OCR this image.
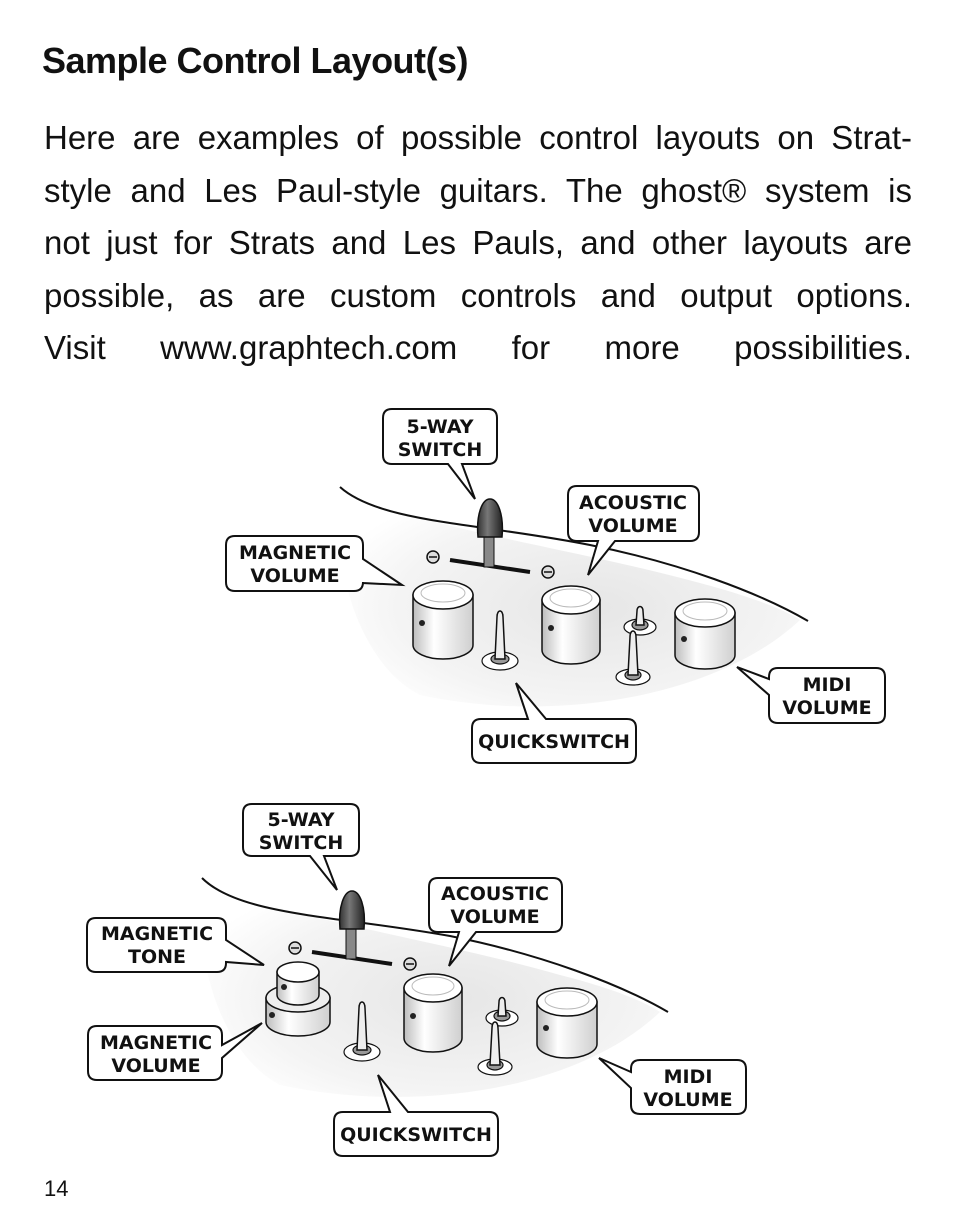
Sample Control Layout(s)

Here are examples of possible control layouts on Strat-
style and Les Paul-style guitars. The ghost® system is
not just for Strats and Les Pauls, and other layouts are
possible, as are custom controls and output options.
Visit www.graphtech.com for more possibilities.

5-WAY
SWITCH
ACOUSTIC
VOLUME
MAGNETIC
VOLUME
MIDI
VOLUME
QUICKSWITCH
5-WAY
SWITCH
ACOUSTIC
VOLUME
MAGNETIC
TONE
MAGNETIC
VOLUME	MIDI
VOLUME
QUICKSWITCH

14
